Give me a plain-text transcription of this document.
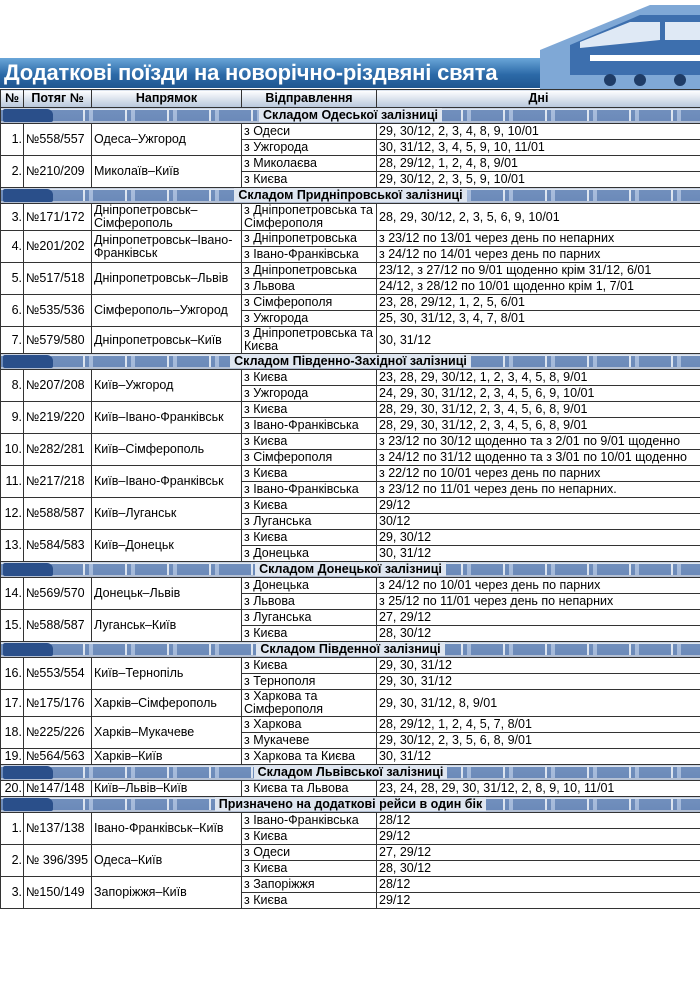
Додаткові поїзди на новорічно-різдвяні свята
№	Потяг №	Напрямок	Відправлення	Дні

Складом Одеської залізниці				

1.	№558/557	Одеса–Ужгород	з Одеси	29, 30/12, 2, 3, 4, 8, 9, 10/01
			з Ужгорода	30, 31/12, 3, 4, 5, 9, 10, 11/01
2.	№210/209	Миколаїв–Київ	з Миколаєва	28, 29/12, 1, 2, 4, 8, 9/01
			з Києва	29, 30/12, 2, 3, 5, 9, 10/01

Складом Придніпровської залізниці				

3.	№171/172	Дніпропетровськ–Сімферополь	з Дніпропетровська та Сімферополя	28, 29, 30/12, 2, 3, 5, 6, 9, 10/01
4.	№201/202	Дніпропетровськ–Івано-Франківськ	з Дніпропетровська	з 23/12 по 13/01 через день по непарних
			з Івано-Франківська	з 24/12 по 14/01 через день по парних
5.	№517/518	Дніпропетровськ–Львів	з Дніпропетровська	23/12, з 27/12 по 9/01 щоденно крім 31/12, 6/01
			з Львова	24/12, з 28/12 по 10/01 щоденно крім 1, 7/01
6.	№535/536	Сімферополь–Ужгород	з Сімферополя	23, 28, 29/12, 1, 2, 5, 6/01
			з Ужгорода	25, 30, 31/12, 3, 4, 7, 8/01
7.	№579/580	Дніпропетровськ–Київ	з Дніпропетровська та Києва	30, 31/12

Складом Південно-Західної залізниці				

8.	№207/208	Київ–Ужгород	з Києва	23, 28, 29, 30/12, 1, 2, 3, 4, 5, 8, 9/01
			з Ужгорода	24, 29, 30, 31/12, 2, 3, 4, 5, 6, 9, 10/01
9.	№219/220	Київ–Івано-Франківськ	з Києва	28, 29, 30, 31/12, 2, 3, 4, 5, 6, 8, 9/01
			з Івано-Франківська	28, 29, 30, 31/12, 2, 3, 4, 5, 6, 8, 9/01
10.	№282/281	Київ–Сімферополь	з Києва	з 23/12 по 30/12 щоденно та з 2/01 по 9/01 щоденно
			з Сімферополя	з 24/12 по 31/12 щоденно та з 3/01 по 10/01 щоденно
11.	№217/218	Київ–Івано-Франківськ	з Києва	з 22/12 по 10/01 через день по парних
			з Івано-Франківська	з 23/12 по 11/01 через день по непарних.
12.	№588/587	Київ–Луганськ	з Києва	29/12
			з Луганська	30/12
13.	№584/583	Київ–Донецьк	з Києва	29, 30/12
			з Донецька	30, 31/12

Складом Донецької залізниці				

14.	№569/570	Донецьк–Львів	з Донецька	з 24/12 по 10/01 через день по парних
			з Львова	з 25/12 по 11/01 через день по непарних
15.	№588/587	Луганськ–Київ	з Луганська	27, 29/12
			з Києва	28, 30/12

Складом Південної залізниці				

16.	№553/554	Київ–Тернопіль	з Києва	29, 30, 31/12
			з Тернополя	29, 30, 31/12
17.	№175/176	Харків–Сімферополь	з Харкова та Сімферополя	29, 30, 31/12, 8, 9/01
18.	№225/226	Харків–Мукачеве	з Харкова	28, 29/12, 1, 2, 4, 5, 7, 8/01
			з Мукачеве	29, 30/12, 2, 3, 5, 6, 8, 9/01
19.	№564/563	Харків–Київ	з Харкова та Києва	30, 31/12

Складом Львівської залізниці				

20.	№147/148	Київ–Львів–Київ	з Києва та Львова	23, 24, 28, 29, 30, 31/12, 2, 8, 9, 10, 11/01

Призначено на додаткові рейси в один бік				

1.	№137/138	Івано-Франківськ–Київ	з Івано-Франківська	28/12
			з Києва	29/12
2.	№ 396/395	Одеса–Київ	з Одеси	27, 29/12
			з Києва	28, 30/12
3.	№150/149	Запоріжжя–Київ	з Запоріжжя	28/12
			з Києва	29/12
